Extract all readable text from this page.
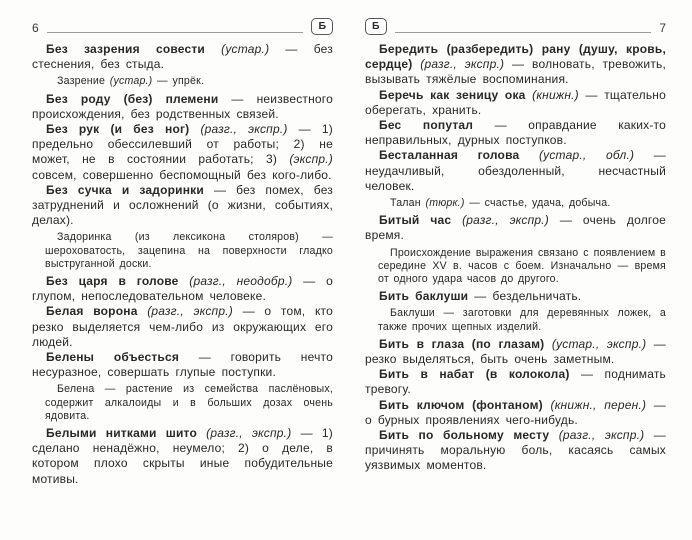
6	Б

Без зазрения совести (устар.) — без стеснения, без стыда.

Зазрение (устар.) — упрёк.

Без роду (без) племени — неизвестного происхождения, без родственных связей.

Без рук (и без ног) (разг., экспр.) — 1) предельно обессилевший от работы; 2) не может, не в состоянии работать; 3) (экспр.) совсем, совершенно беспомощный без кого-либо.

Без сучка и задоринки — без помех, без затруднений и осложнений (о жизни, событиях, делах).

Задоринка (из лексикона столяров) — шероховатость, зацепина на поверхности гладко выструганной доски.

Без царя в голове (разг., неодобр.) — о глупом, непоследовательном человеке.

Белая ворона (разг., экспр.) — о том, кто резко выделяется чем-либо из окружающих его людей.

Белены объесться — говорить нечто несуразное, совершать глупые поступки.

Белена — растение из семейства паслёновых, содержит алкалоиды и в больших дозах очень ядовита.

Белыми нитками шито (разг., экспр.) — 1) сделано ненадёжно, неумело; 2) о деле, в котором плохо скрыты иные побудительные мотивы.

Б	7

Бередить (разбередить) рану (душу, кровь, сердце) (разг., экспр.) — волновать, тревожить, вызывать тяжёлые воспоминания.

Беречь как зеницу ока (книжн.) — тщательно оберегать, хранить.

Бес попутал — оправдание каких-то неправильных, дурных поступков.

Бесталанная голова (устар., обл.) — неудачливый, обездоленный, несчастный человек.

Талан (тюрк.) — счастье, удача, добыча.

Битый час (разг., экспр.) — очень долгое время.

Происхождение выражения связано с появлением в середине XV в. часов с боем. Изначально — время от одного удара часов до другого.

Бить баклуши — бездельничать.

Баклуши — заготовки для деревянных ложек, а также прочих щепных изделий.

Бить в глаза (по глазам) (устар., экспр.) — резко выделяться, быть очень заметным.

Бить в набат (в колокола) — поднимать тревогу.

Бить ключом (фонтаном) (книжн., перен.) — о бурных проявлениях чего-нибудь.

Бить по больному месту (разг., экспр.) — причинять моральную боль, касаясь самых уязвимых моментов.
